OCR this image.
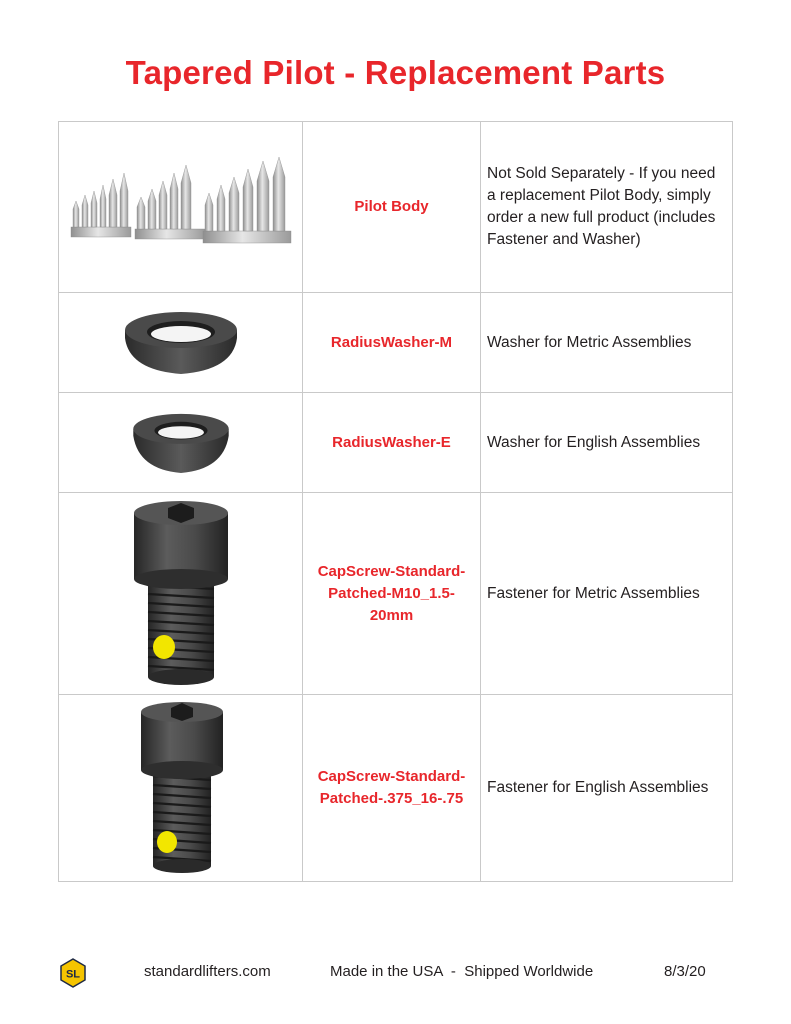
Tapered Pilot - Replacement Parts
	Pilot Body	Not Sold Separately - If you need a replacement Pilot Body, simply order a new full product (includes Fastener and Washer)

	RadiusWasher-M	Washer for Metric Assemblies

	RadiusWasher-E	Washer for English Assemblies

	CapScrew-Standard-Patched-M10_1.5-20mm	Fastener for Metric Assemblies

	CapScrew-Standard-Patched-.375_16-.75	Fastener for English Assemblies
SL	standardlifters.com	Made in the USA  -  Shipped Worldwide	8/3/20
